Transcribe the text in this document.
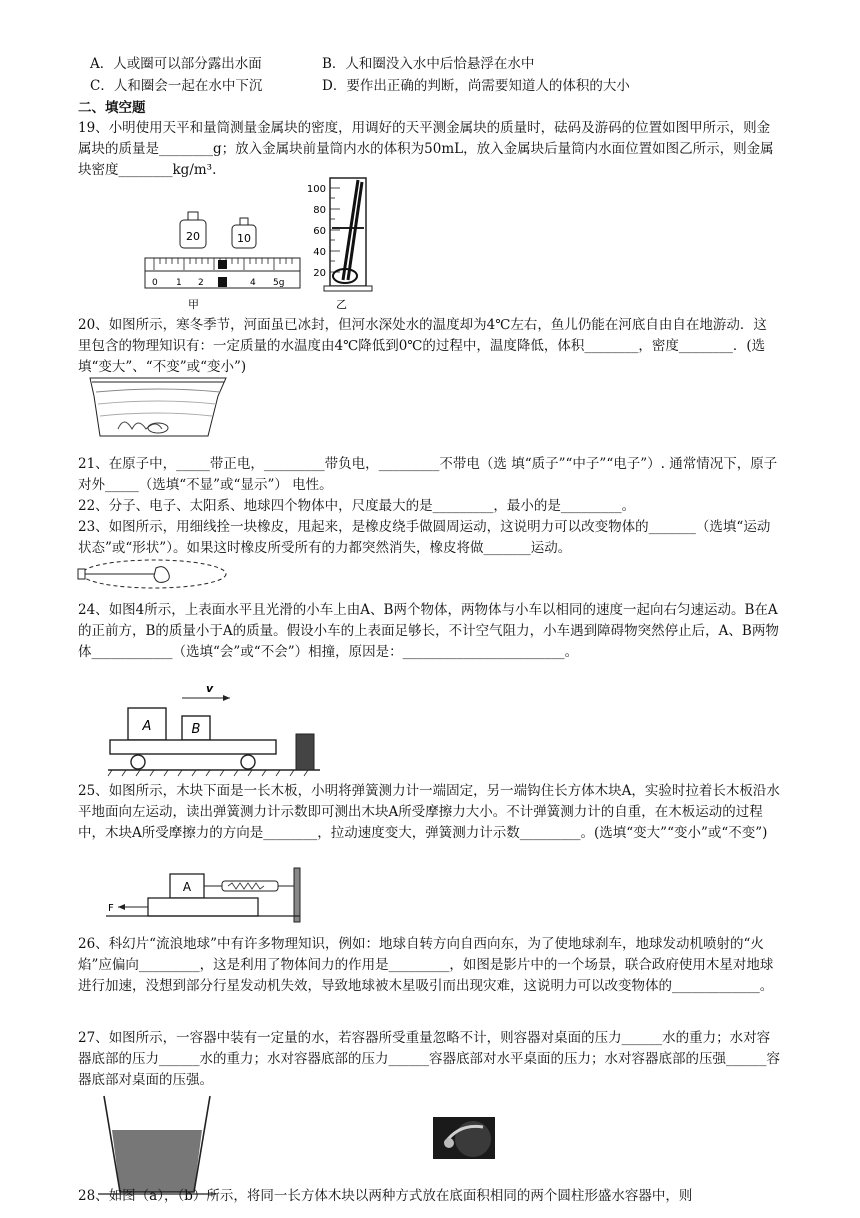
A．人或圈可以部分露出水面	B．人和圈没入水中后恰悬浮在水中
C．人和圈会一起在水中下沉	D．要作出正确的判断，尚需要知道人的体积的大小
二、填空题
19、小明使用天平和量筒测量金属块的密度，用调好的天平测金属块的质量时，砝码及游码的位置如图甲所示，则金属块的质量是________g；放入金属块前量筒内水的体积为50mL，放入金属块后量筒内水面位置如图乙所示，则金属块密度________kg/m³.
20	10
0 1 2	4 5g
甲
100
80
60
40
20
乙
20、如图所示，寒冬季节，河面虽已冰封，但河水深处水的温度却为4℃左右，鱼儿仍能在河底自由自在地游动．这里包含的物理知识有：一定质量的水温度由4℃降低到0℃的过程中，温度降低，体积________，密度________．(选填“变大”、“不变”或“变小”)
21、在原子中，_____带正电，_________带负电，_________不带电（选 填“质子”“中子”“电子”）. 通常情况下，原子对外_____（选填“不显”或“显示”） 电性。
22、分子、电子、太阳系、地球四个物体中，尺度最大的是_________，最小的是_________。
23、如图所示，用细线拴一块橡皮，甩起来，是橡皮绕手做圆周运动，这说明力可以改变物体的_______（选填“运动状态”或“形状”）。如果这时橡皮所受所有的力都突然消失，橡皮将做_______运动。
24、如图4所示，上表面水平且光滑的小车上由A、B两个物体，两物体与小车以相同的速度一起向右匀速运动。B在A的正前方，B的质量小于A的质量。假设小车的上表面足够长，不计空气阻力，小车遇到障碍物突然停止后，A、B两物体____________（选填“会”或“不会”）相撞，原因是：________________________。
v
A	B
25、如图所示，木块下面是一长木板，小明将弹簧测力计一端固定，另一端钩住长方体木块A，实验时拉着长木板沿水平地面向左运动，读出弹簧测力计示数即可测出木块A所受摩擦力大小。不计弹簧测力计的自重，在木板运动的过程中，木块A所受摩擦力的方向是________，拉动速度变大，弹簧测力计示数_________。(选填“变大”“变小”或“不变”)
A
F
26、科幻片“流浪地球”中有许多物理知识，例如：地球自转方向自西向东，为了使地球刹车，地球发动机喷射的“火焰”应偏向_________，这是利用了物体间力的作用是_________，如图是影片中的一个场景，联合政府使用木星对地球进行加速，没想到部分行星发动机失效，导致地球被木星吸引而出现灾难，这说明力可以改变物体的_____________。
27、如图所示，一容器中装有一定量的水，若容器所受重量忽略不计，则容器对桌面的压力______水的重力；水对容器底部的压力______水的重力；水对容器底部的压力______容器底部对水平桌面的压力；水对容器底部的压强______容器底部对桌面的压强。
28、如图（a），（b）所示，将同一长方体木块以两种方式放在底面积相同的两个圆柱形盛水容器中，则
